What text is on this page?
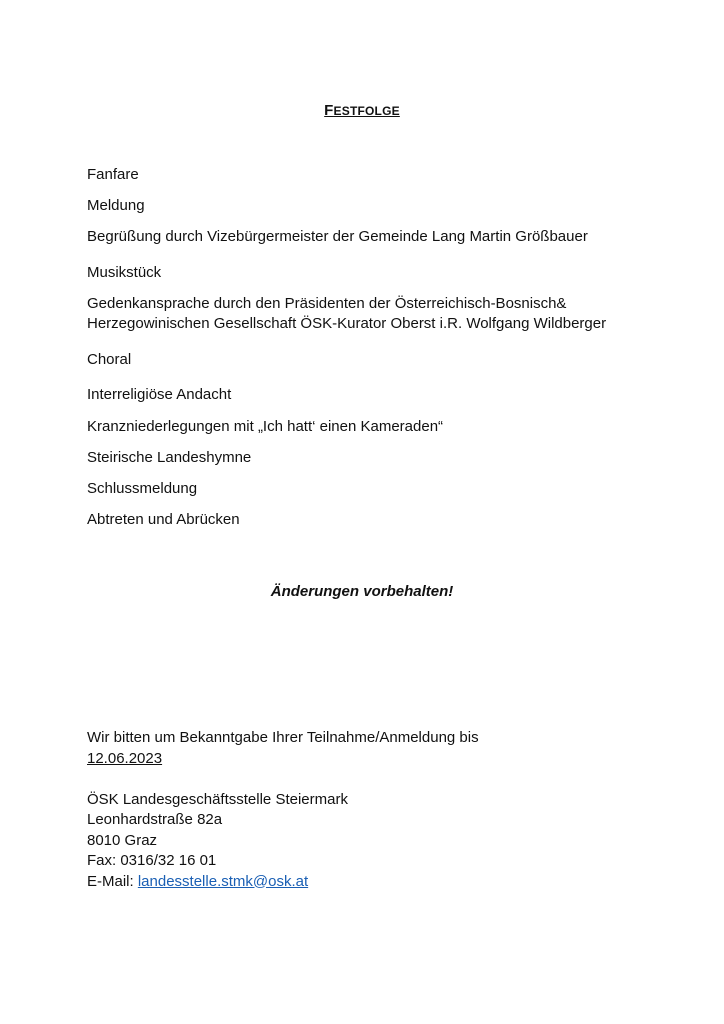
FESTFOLGE
Fanfare
Meldung
Begrüßung durch Vizebürgermeister der Gemeinde Lang Martin Größbauer
Musikstück
Gedenkansprache durch den Präsidenten der Österreichisch-Bosnisch&
Herzegowinischen Gesellschaft ÖSK-Kurator Oberst i.R. Wolfgang Wildberger
Choral
Interreligiöse Andacht
Kranzniederlegungen mit „Ich hatt‘ einen Kameraden“
Steirische Landeshymne
Schlussmeldung
Abtreten und Abrücken
Änderungen vorbehalten!
Wir bitten um Bekanntgabe Ihrer Teilnahme/Anmeldung bis
12.06.2023
ÖSK Landesgeschäftsstelle Steiermark
Leonhardstraße 82a
8010 Graz
Fax: 0316/32 16 01
E-Mail: landesstelle.stmk@osk.at
